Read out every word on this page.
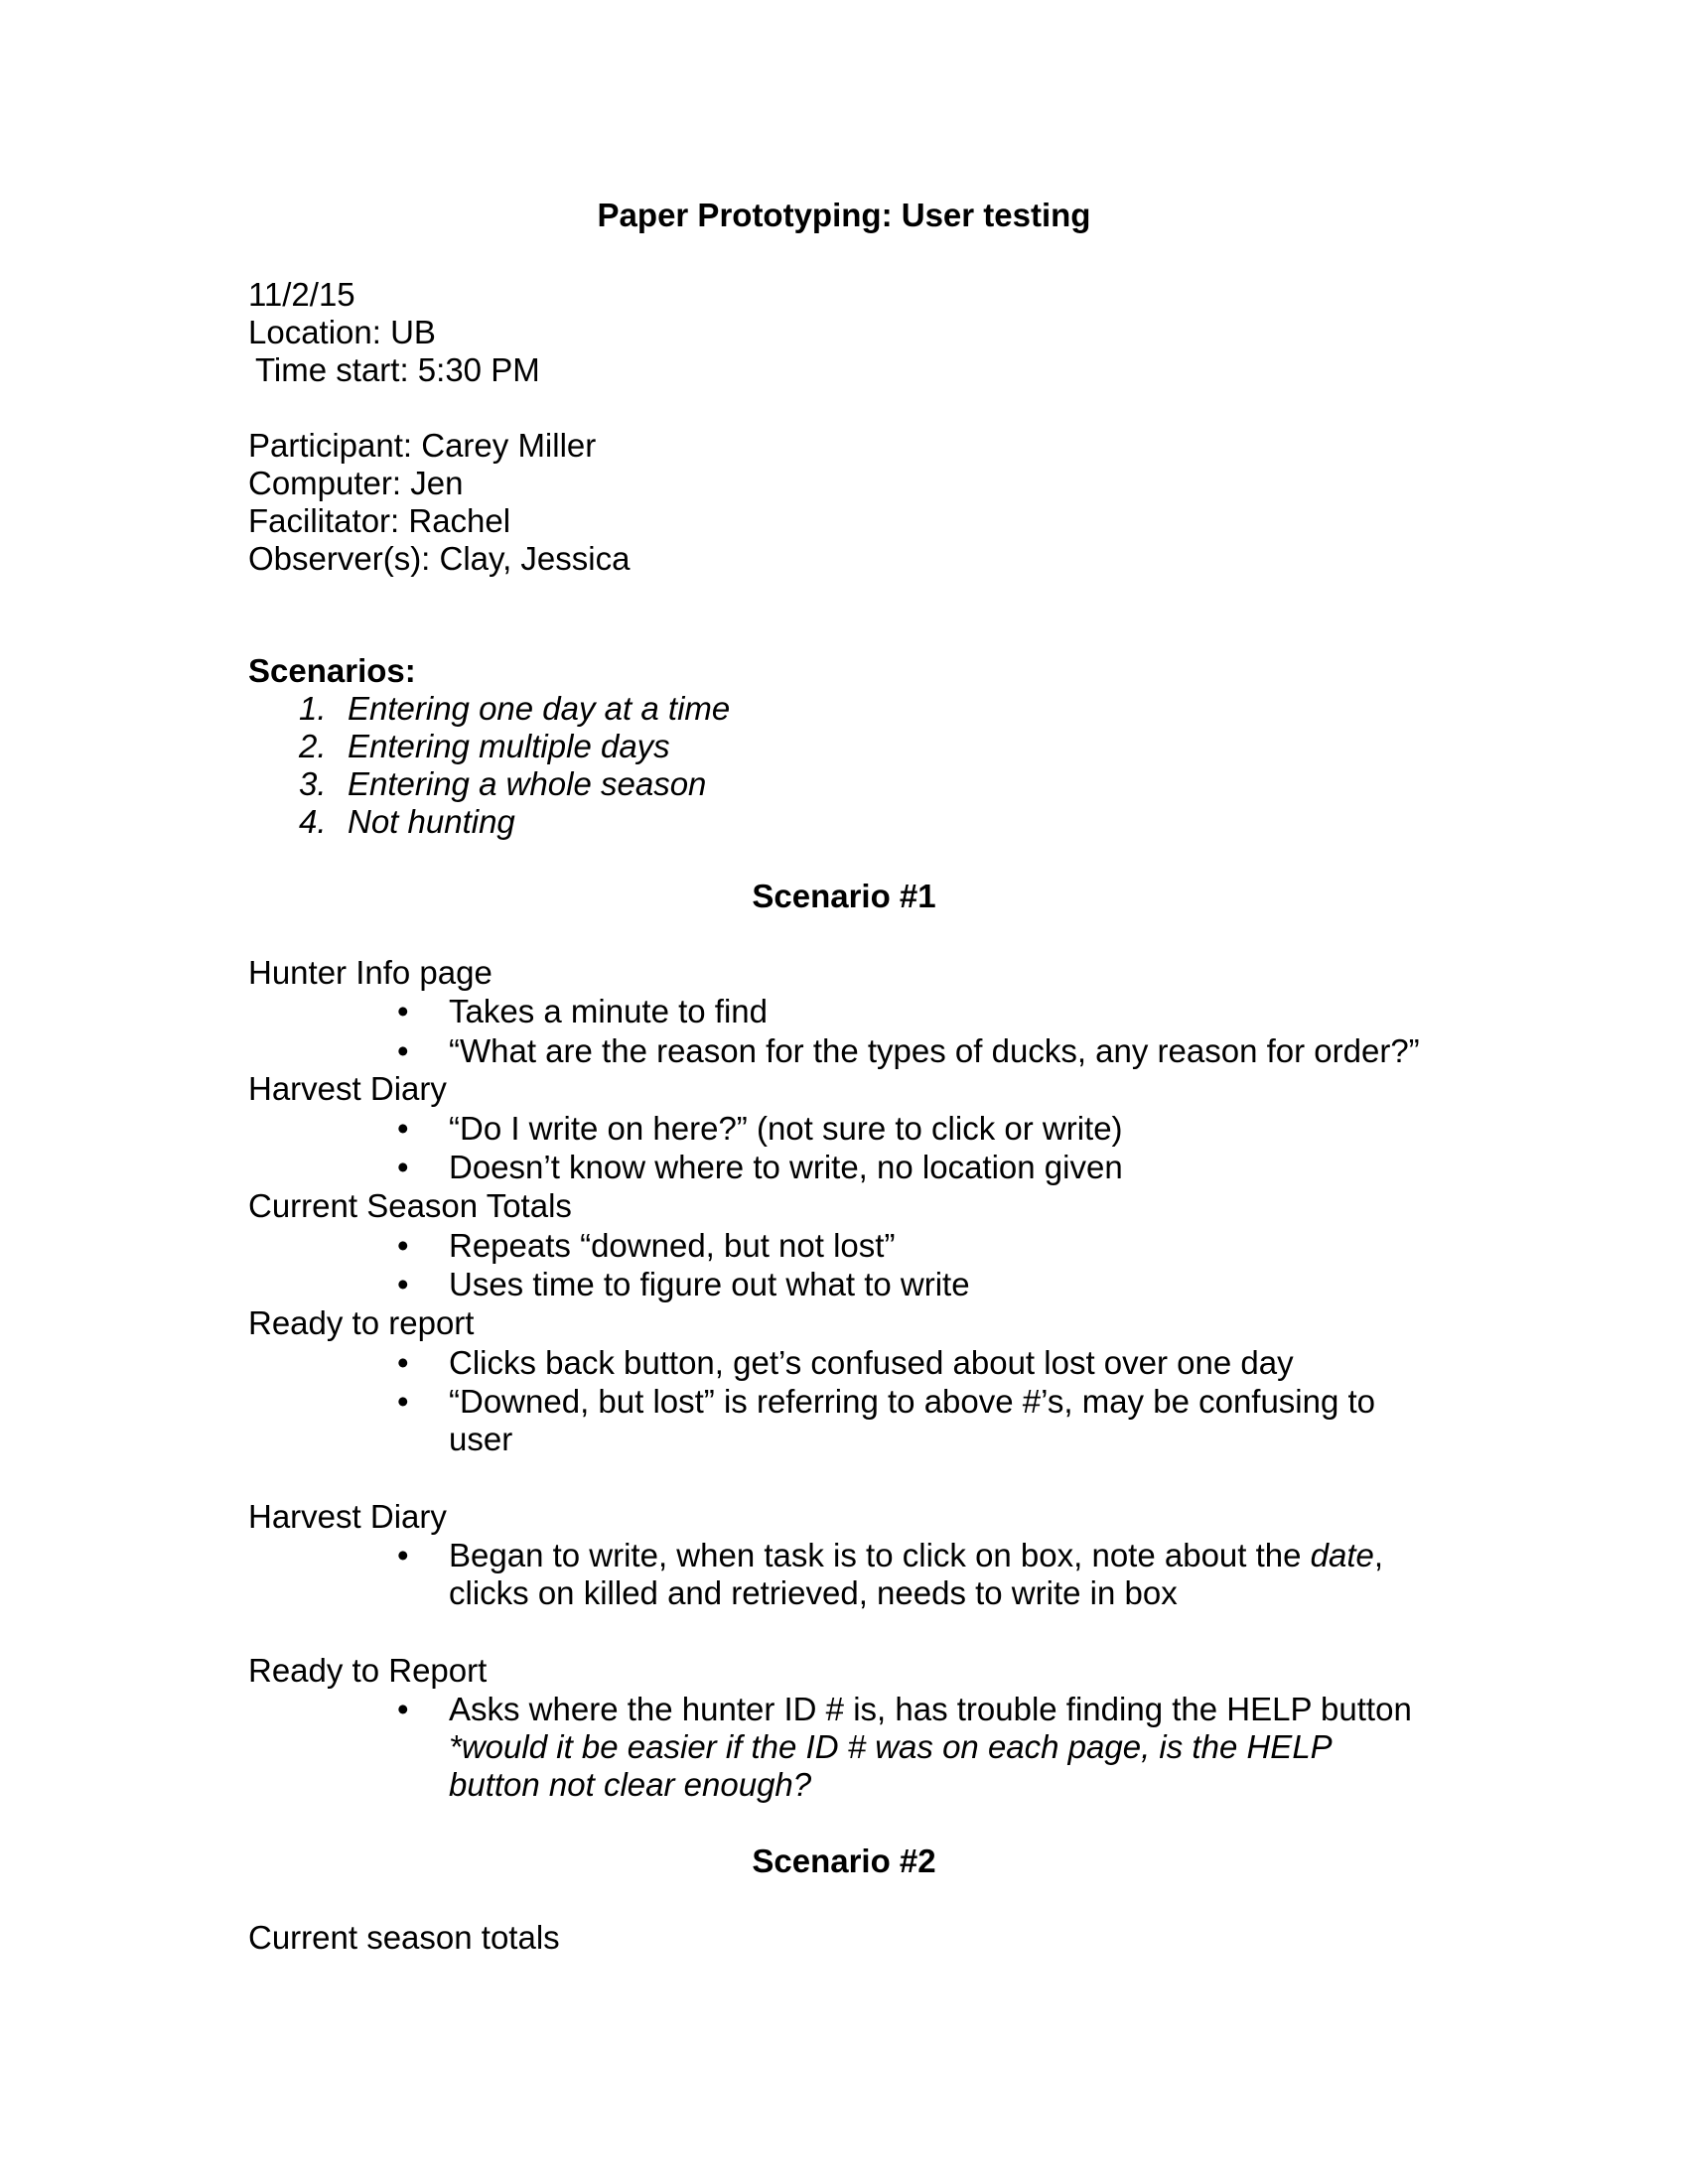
Paper Prototyping: User testing
11/2/15
Location: UB
Time start: 5:30 PM
Participant: Carey Miller
Computer: Jen
Facilitator: Rachel
Observer(s): Clay, Jessica
Scenarios:
1. Entering one day at a time
2. Entering multiple days
3. Entering a whole season
4. Not hunting
Scenario #1
Hunter Info page
• Takes a minute to find
• “What are the reason for the types of ducks, any reason for order?”
Harvest Diary
• “Do I write on here?” (not sure to click or write)
• Doesn’t know where to write, no location given
Current Season Totals
• Repeats “downed, but not lost”
• Uses time to figure out what to write
Ready to report
• Clicks back button, get’s confused about lost over one day
• “Downed, but lost” is referring to above #’s, may be confusing to
user
Harvest Diary
• Began to write, when task is to click on box, note about the date,
clicks on killed and retrieved, needs to write in box
Ready to Report
• Asks where the hunter ID # is, has trouble finding the HELP button
*would it be easier if the ID # was on each page, is the HELP
button not clear enough?
Scenario #2
Current season totals
